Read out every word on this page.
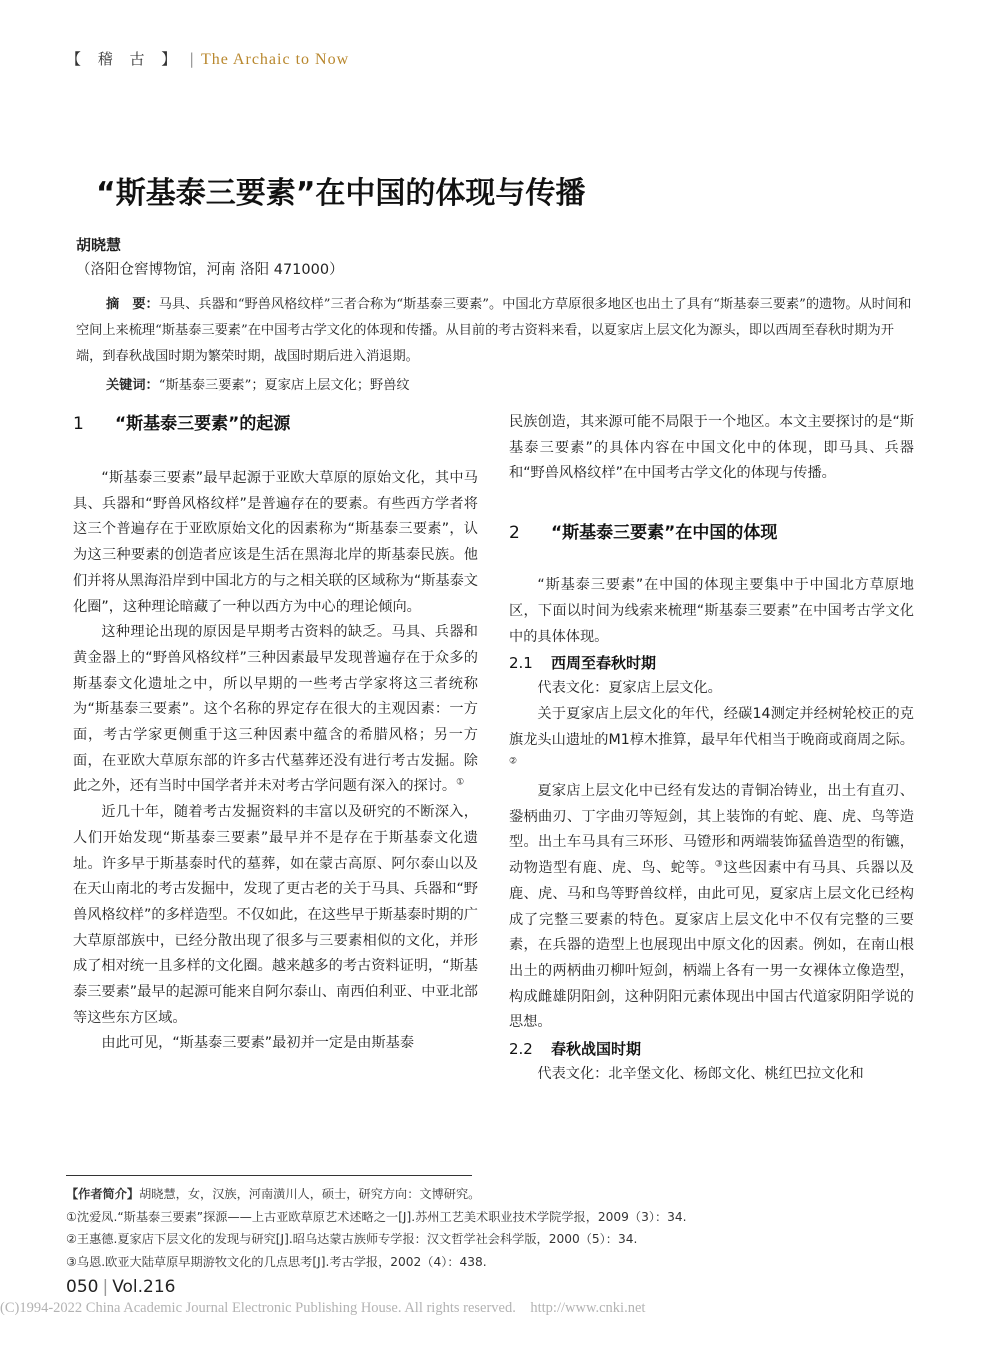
【 稽 古 】 | The Archaic to Now
“斯基泰三要素”在中国的体现与传播
胡晓慧
（洛阳仓窖博物馆，河南 洛阳 471000）

摘　要：马具、兵器和“野兽风格纹样”三者合称为“斯基泰三要素”。中国北方草原很多地区也出土了具有“斯基泰三要素”的遗物。从时间和空间上来梳理“斯基泰三要素”在中国考古学文化的体现和传播。从目前的考古资料来看，以夏家店上层文化为源头，即以西周至春秋时期为开端，到春秋战国时期为繁荣时期，战国时期后进入消退期。

关键词：“斯基泰三要素”；夏家店上层文化；野兽纹
1 “斯基泰三要素”的起源

“斯基泰三要素”最早起源于亚欧大草原的原始文化，其中马具、兵器和“野兽风格纹样”是普遍存在的要素。有些西方学者将这三个普遍存在于亚欧原始文化的因素称为“斯基泰三要素”，认为这三种要素的创造者应该是生活在黑海北岸的斯基泰民族。他们并将从黑海沿岸到中国北方的与之相关联的区域称为“斯基泰文化圈”，这种理论暗藏了一种以西方为中心的理论倾向。

这种理论出现的原因是早期考古资料的缺乏。马具、兵器和黄金器上的“野兽风格纹样”三种因素最早发现普遍存在于众多的斯基泰文化遗址之中，所以早期的一些考古学家将这三者统称为“斯基泰三要素”。这个名称的界定存在很大的主观因素：一方面，考古学家更侧重于这三种因素中蕴含的希腊风格；另一方面，在亚欧大草原东部的许多古代墓葬还没有进行考古发掘。除此之外，还有当时中国学者并未对考古学问题有深入的探讨。①

近几十年，随着考古发掘资料的丰富以及研究的不断深入，人们开始发现“斯基泰三要素”最早并不是存在于斯基泰文化遗址。许多早于斯基泰时代的墓葬，如在蒙古高原、阿尔泰山以及在天山南北的考古发掘中，发现了更古老的关于马具、兵器和“野兽风格纹样”的多样造型。不仅如此，在这些早于斯基泰时期的广大草原部族中，已经分散出现了很多与三要素相似的文化，并形成了相对统一且多样的文化圈。越来越多的考古资料证明，“斯基泰三要素”最早的起源可能来自阿尔泰山、南西伯利亚、中亚北部等这些东方区域。

由此可见，“斯基泰三要素”最初并一定是由斯基泰

民族创造，其来源可能不局限于一个地区。本文主要探讨的是“斯基泰三要素”的具体内容在中国文化中的体现，即马具、兵器和“野兽风格纹样”在中国考古学文化的体现与传播。

2 “斯基泰三要素”在中国的体现

“斯基泰三要素”在中国的体现主要集中于中国北方草原地区，下面以时间为线索来梳理“斯基泰三要素”在中国考古学文化中的具体体现。

2.1 西周至春秋时期

代表文化：夏家店上层文化。

关于夏家店上层文化的年代，经碳14测定并经树轮校正的克旗龙头山遗址的M1椁木推算，最早年代相当于晚商或商周之际。②

夏家店上层文化中已经有发达的青铜冶铸业，出土有直刃、銎柄曲刃、丁字曲刃等短剑，其上装饰的有蛇、鹿、虎、鸟等造型。出土车马具有三环形、马镫形和两端装饰猛兽造型的衔镳，动物造型有鹿、虎、鸟、蛇等。③这些因素中有马具、兵器以及鹿、虎、马和鸟等野兽纹样，由此可见，夏家店上层文化已经构成了完整三要素的特色。夏家店上层文化中不仅有完整的三要素，在兵器的造型上也展现出中原文化的因素。例如，在南山根出土的两柄曲刃柳叶短剑，柄端上各有一男一女裸体立像造型，构成雌雄阴阳剑，这种阴阳元素体现出中国古代道家阴阳学说的思想。

2.2 春秋战国时期

代表文化：北辛堡文化、杨郎文化、桃红巴拉文化和

【作者简介】胡晓慧，女，汉族，河南潢川人，硕士，研究方向：文博研究。
①沈爱凤.“斯基泰三要素”探源——上古亚欧草原艺术述略之一[J].苏州工艺美术职业技术学院学报，2009（3）：34.
②王惠德.夏家店下层文化的发现与研究[J].昭乌达蒙古族师专学报：汉文哲学社会科学版，2000（5）：34.
③乌恩.欧亚大陆草原早期游牧文化的几点思考[J].考古学报，2002（4）：438.
050 | Vol.216
(C)1994-2022 China Academic Journal Electronic Publishing House. All rights reserved.    http://www.cnki.net
